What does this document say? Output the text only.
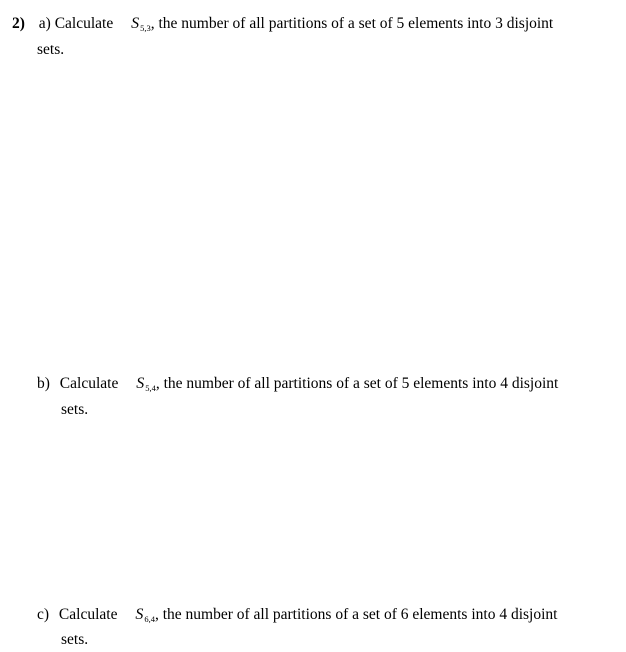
2) a) Calculate S5,3, the number of all partitions of a set of 5 elements into 3 disjoint
sets.
b) Calculate S5,4, the number of all partitions of a set of 5 elements into 4 disjoint
sets.
c) Calculate S6,4, the number of all partitions of a set of 6 elements into 4 disjoint
sets.
